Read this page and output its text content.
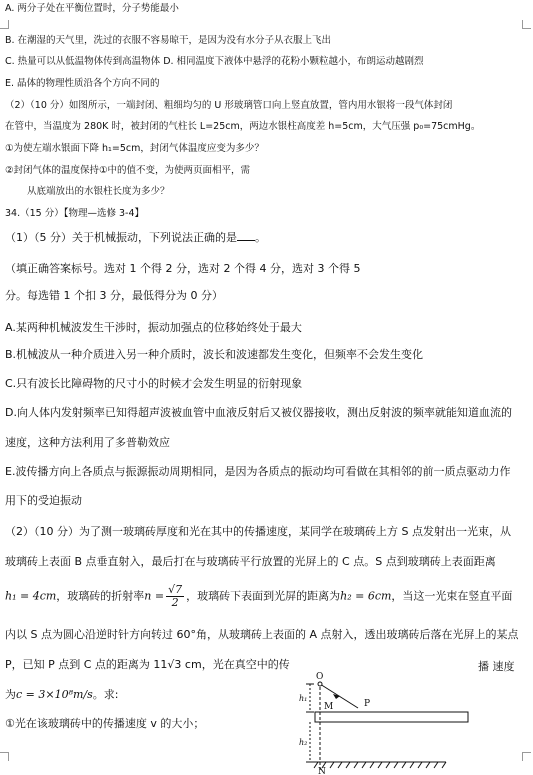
A. 两分子处在平衡位置时，分子势能最小
B. 在潮湿的天气里，洗过的衣服不容易晾干，是因为没有水分子从衣服上飞出
C. 热量可以从低温物体传到高温物体 D. 相同温度下液体中悬浮的花粉小颗粒越小，布朗运动越剧烈
E. 晶体的物理性质沿各个方向不同的
（2）（10 分）如图所示，一端封闭、粗细均匀的 U 形玻璃管口向上竖直放置，管内用水银将一段气体封闭
在管中，当温度为 280K 时，被封闭的气柱长 L=25cm，两边水银柱高度差 h=5cm，大气压强 p₀=75cmHg。
①为使左端水银面下降 h₁=5cm，封闭气体温度应变为多少？
②封闭气体的温度保持①中的值不变，为使两页面相平，需
从底端放出的水银柱长度为多少？
34.（15 分）【物理—选修 3-4】
（1）（5 分）关于机械振动，下列说法正确的是 。
（填正确答案标号。选对 1 个得 2 分，选对 2 个得 4 分，选对 3 个得 5
分。每选错 1 个扣 3 分，最低得分为 0 分）
A.某两种机械波发生干涉时，振动加强点的位移始终处于最大
B.机械波从一种介质进入另一种介质时，波长和波速都发生变化，但频率不会发生变化
C.只有波长比障碍物的尺寸小的时候才会发生明显的衍射现象
D.向人体内发射频率已知得超声波被血管中血液反射后又被仪器接收，测出反射波的频率就能知道血流的
速度，这种方法利用了多普勒效应
E.波传播方向上各质点与振源振动周期相同，是因为各质点的振动均可看做在其相邻的前一质点驱动力作
用下的受迫振动
（2）（10 分）为了测一玻璃砖厚度和光在其中的传播速度，某同学在玻璃砖上方 S 点发射出一光束，从
玻璃砖上表面 B 点垂直射入，最后打在与玻璃砖平行放置的光屏上的 C 点。S 点到玻璃砖上表面距离
h₁ = 4cm，玻璃砖的折射率$n = \frac{√7}{2}$ ，玻璃砖下表面到光屏的距离为h₂ = 6cm，当这一光束在竖直平面
内以 S 点为圆心沿逆时针方向转过 60°角，从玻璃砖上表面的 A 点射入，透出玻璃砖后落在光屏上的某点
P，已知 P 点到 C 点的距离为 11√3 cm，光在真空中的传	播 速度
为c = 3×10⁸m/s。求:
①光在该玻璃砖中的传播速度 v 的大小；
O
M	P
N
h₁
h₂
